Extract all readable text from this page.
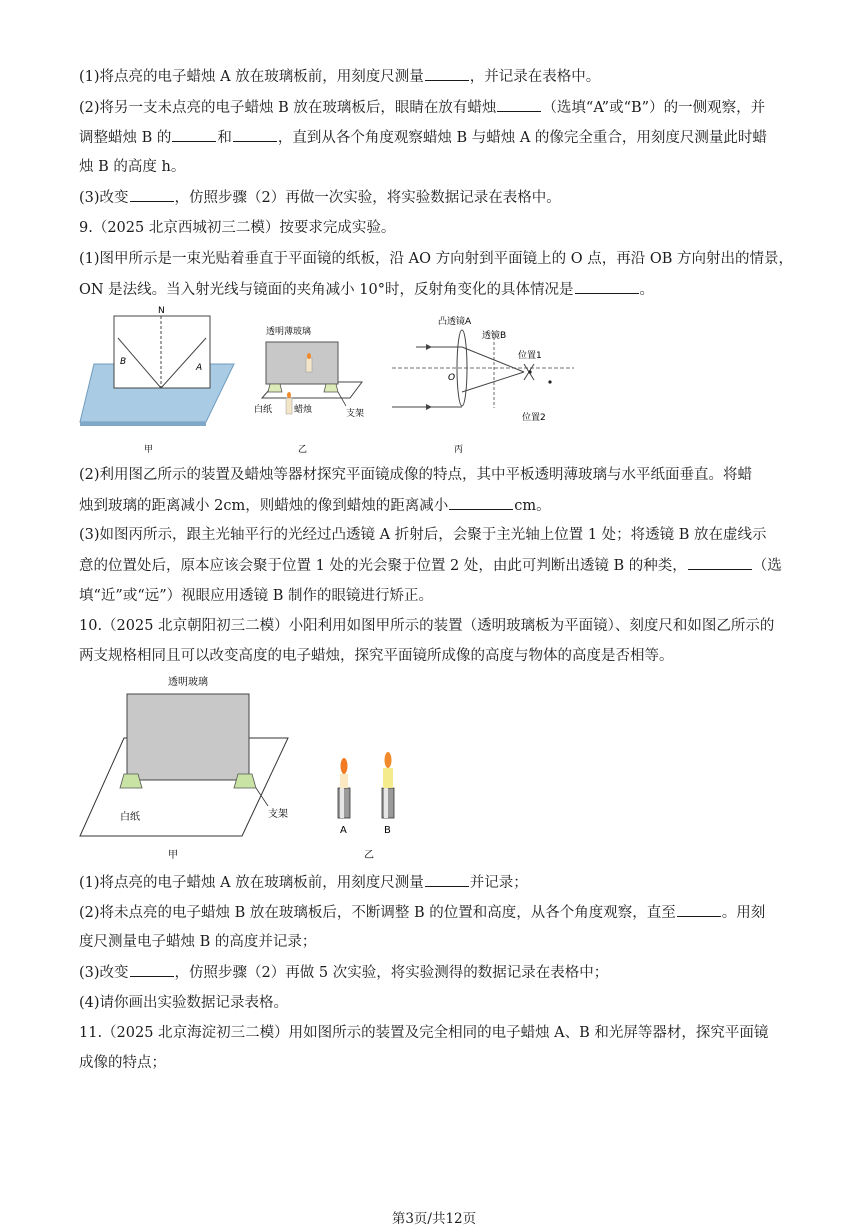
(1)将点亮的电子蜡烛 A 放在玻璃板前，用刻度尺测量	，并记录在表格中。
(2)将另一支未点亮的电子蜡烛 B 放在玻璃板后，眼睛在放有蜡烛	（选填“A”或“B”）的一侧观察，并
调整蜡烛 B 的	和	，直到从各个角度观察蜡烛 B 与蜡烛 A 的像完全重合，用刻度尺测量此时蜡
烛 B 的高度 h。
(3)改变	，仿照步骤（2）再做一次实验，将实验数据记录在表格中。
9.（2025 北京西城初三二模）按要求完成实验。
(1)图甲所示是一束光贴着垂直于平面镜的纸板，沿 AO 方向射到平面镜上的 O 点，再沿 OB 方向射出的情景，
ON 是法线。当入射光线与镜面的夹角减小 10°时，反射角变化的具体情况是	。
N
B
A
甲
透明薄玻璃
白纸 蜡烛	支架
乙
凸透镜A
透镜B
O
位置1
位置2
丙
(2)利用图乙所示的装置及蜡烛等器材探究平面镜成像的特点，其中平板透明薄玻璃与水平纸面垂直。将蜡
烛到玻璃的距离减小 2cm，则蜡烛的像到蜡烛的距离减小	cm。
(3)如图丙所示，跟主光轴平行的光经过凸透镜 A 折射后，会聚于主光轴上位置 1 处；将透镜 B 放在虚线示
意的位置处后，原本应该会聚于位置 1 处的光会聚于位置 2 处，由此可判断出透镜 B 的种类，	（选
填“近”或“远”）视眼应用透镜 B 制作的眼镜进行矫正。
10.（2025 北京朝阳初三二模）小阳利用如图甲所示的装置（透明玻璃板为平面镜）、刻度尺和如图乙所示的
两支规格相同且可以改变高度的电子蜡烛，探究平面镜所成像的高度与物体的高度是否相等。
透明玻璃
白纸	支架
甲
A	B
乙
(1)将点亮的电子蜡烛 A 放在玻璃板前，用刻度尺测量	并记录；
(2)将未点亮的电子蜡烛 B 放在玻璃板后，不断调整 B 的位置和高度，从各个角度观察，直至	。用刻
度尺测量电子蜡烛 B 的高度并记录；
(3)改变	，仿照步骤（2）再做 5 次实验，将实验测得的数据记录在表格中；
(4)请你画出实验数据记录表格。
11.（2025 北京海淀初三二模）用如图所示的装置及完全相同的电子蜡烛 A、B 和光屏等器材，探究平面镜
成像的特点；
第3页/共12页
